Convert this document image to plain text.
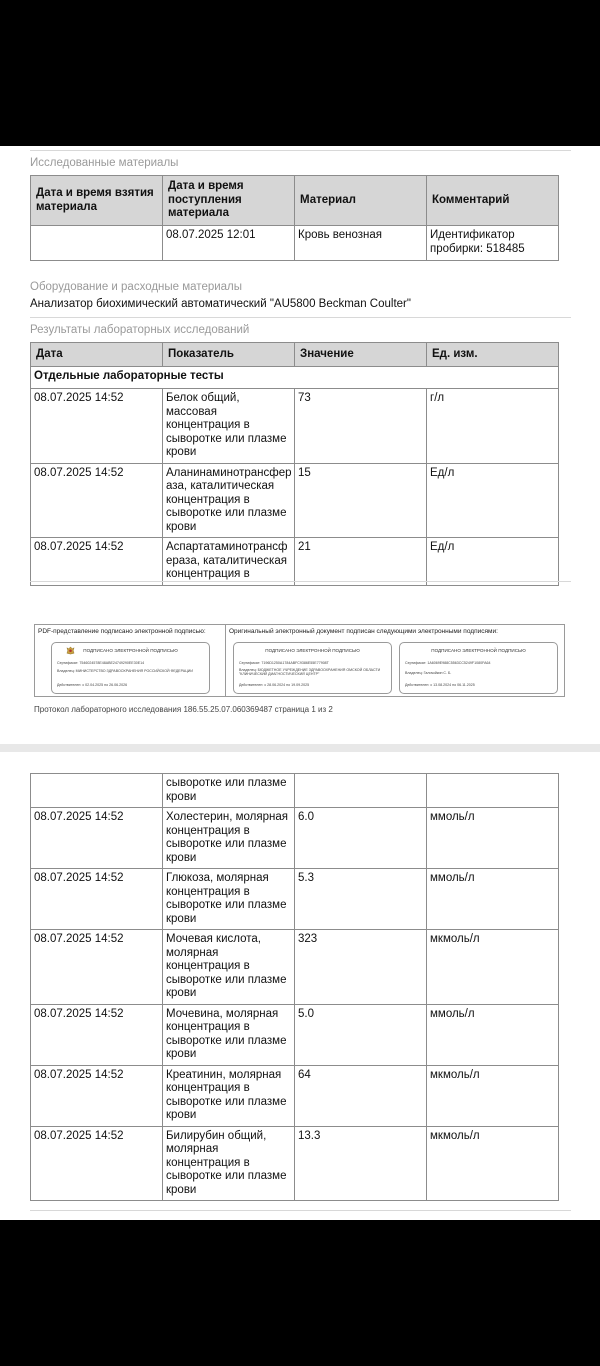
Исследованные материалы
Дата и время взятия материала	Дата и время поступления материала	Материал	Комментарий
	08.07.2025 12:01	Кровь венозная	Идентификатор пробирки: 518485
Оборудование и расходные материалы
Анализатор биохимический автоматический "AU5800 Beckman Coulter"
Результаты лабораторных исследований
Дата	Показатель	Значение	Ед. изм.
Отдельные лабораторные тесты			
08.07.2025 14:52	Белок общий, массовая концентрация в сыворотке или плазме крови	73	г/л
08.07.2025 14:52	Аланинаминотрансфер аза, каталитическая концентрация в сыворотке или плазме крови	15	Ед/л
08.07.2025 14:52	Аспартатаминотрансф ераза, каталитическая концентрация в	21	Ед/л
PDF-представление подписано электронной подписью:
ПОДПИСАНО ЭЛЕКТРОННОЙ ПОДПИСЬЮ
Сертификат: 7546024578E48ABE24749290EE30E14
Владелец: МИНИСТЕРСТВО ЗДРАВООХРАНЕНИЯ РОССИЙСКОЙ ФЕДЕРАЦИИ
Действителен: с 02.04.2025 по 26.06.2026
Оригинальный электронный документ подписан следующими электронными подписями:
ПОДПИСАНО ЭЛЕКТРОННОЙ ПОДПИСЬЮ
Сертификат: 7196D1250A1784ABFC9386E55E77908T
Владелец: БЮДЖЕТНОЕ УЧРЕЖДЕНИЕ ЗДРАВООХРАНЕНИЯ ОМСКОЙ ОБЛАСТИ "КЛИНИЧЕСКИЙ ДИАГНОСТИЧЕСКИЙ ЦЕНТР"
Действителен: с 28.06.2024 по 19.09.2025
ПОДПИСАНО ЭЛЕКТРОННОЙ ПОДПИСЬЮ
Сертификат: 1A6069E988C5563CC5249F1080FA64
Владелец: Галочкйкин С. Б.
Действителен: с 13.08.2024 по 06.11.2025
Протокол лабораторного исследования 186.55.25.07.060369487 страница 1 из 2
	сыворотке или плазме крови		
08.07.2025 14:52	Холестерин, молярная концентрация в сыворотке или плазме крови	6.0	ммоль/л
08.07.2025 14:52	Глюкоза, молярная концентрация в сыворотке или плазме крови	5.3	ммоль/л
08.07.2025 14:52	Мочевая кислота, молярная концентрация в сыворотке или плазме крови	323	мкмоль/л
08.07.2025 14:52	Мочевина, молярная концентрация в сыворотке или плазме крови	5.0	ммоль/л
08.07.2025 14:52	Креатинин, молярная концентрация в сыворотке или плазме крови	64	мкмоль/л
08.07.2025 14:52	Билирубин общий, молярная концентрация в сыворотке или плазме крови	13.3	мкмоль/л
